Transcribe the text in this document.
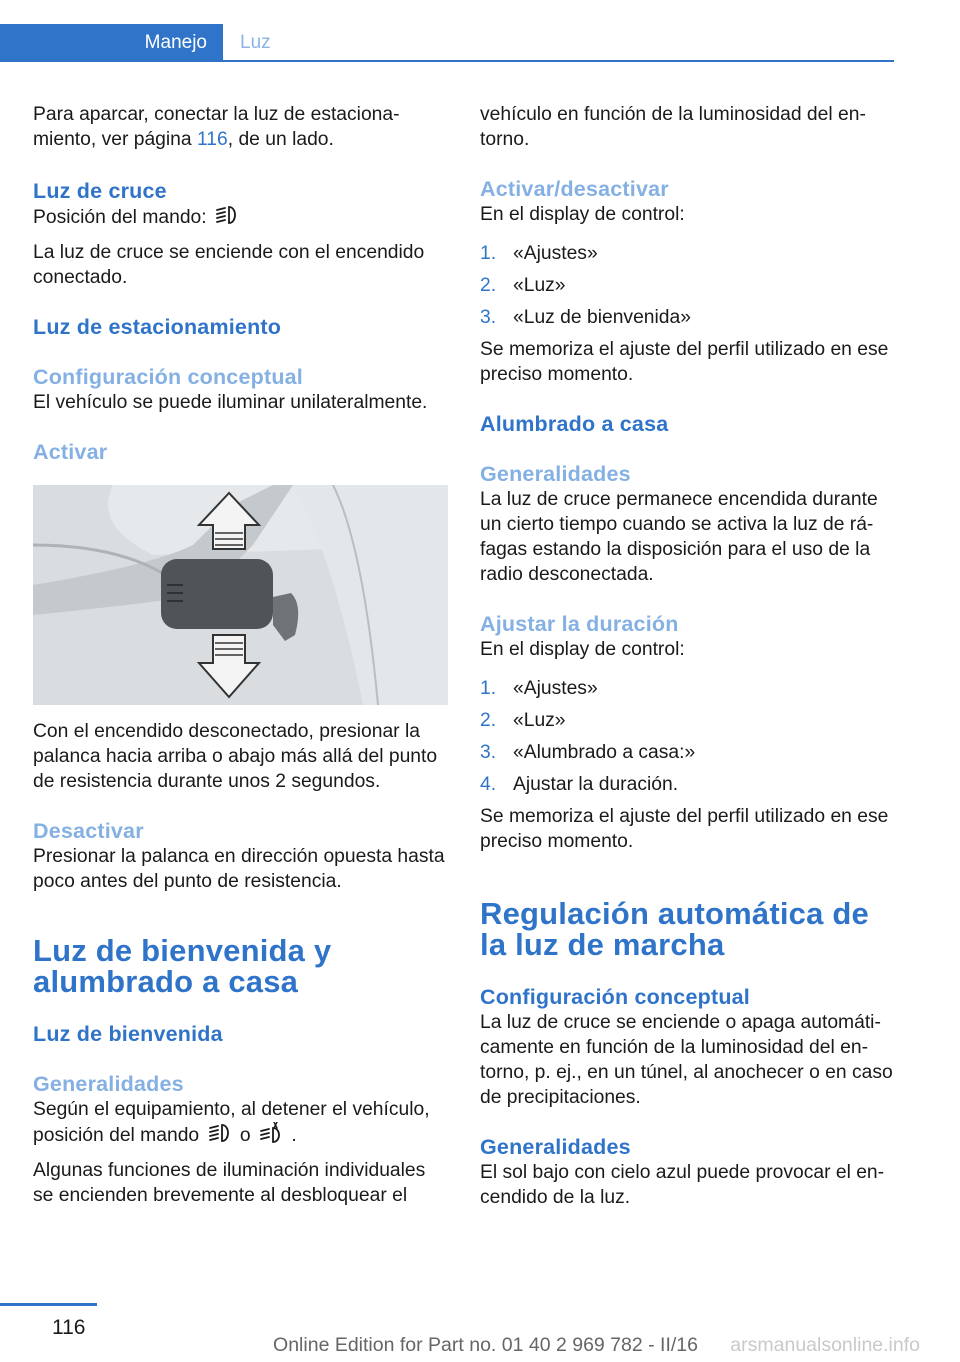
Manejo Luz

Para aparcar, conectar la luz de estaciona‐miento, ver página 116, de un lado.

Luz de cruce

Posición del mando:

La luz de cruce se enciende con el encendido conectado.

Luz de estacionamiento
Configuración conceptual

El vehículo se puede iluminar unilateralmente.

Activar

Con el encendido desconectado, presionar la palanca hacia arriba o abajo más allá del punto de resistencia durante unos 2 segundos.

Desactivar

Presionar la palanca en dirección opuesta hasta poco antes del punto de resistencia.

Luz de bienvenida y alumbrado a casa
Luz de bienvenida
Generalidades

Según el equipamiento, al detener el vehículo, posición del mando o .

Algunas funciones de iluminación individuales se encienden brevemente al desbloquear el

vehículo en función de la luminosidad del en‐torno.

Activar/desactivar

En el display de control:

1. «Ajustes»
2. «Luz»
3. «Luz de bienvenida»

Se memoriza el ajuste del perfil utilizado en ese preciso momento.

Alumbrado a casa
Generalidades

La luz de cruce permanece encendida durante un cierto tiempo cuando se activa la luz de rá‐fagas estando la disposición para el uso de la radio desconectada.

Ajustar la duración

En el display de control:

1. «Ajustes»
2. «Luz»
3. «Alumbrado a casa:»
4. Ajustar la duración.

Se memoriza el ajuste del perfil utilizado en ese preciso momento.

Regulación automática de la luz de marcha
Configuración conceptual

La luz de cruce se enciende o apaga automáti‐camente en función de la luminosidad del en‐torno, p. ej., en un túnel, al anochecer o en caso de precipitaciones.

Generalidades

El sol bajo con cielo azul puede provocar el en‐cendido de la luz.

116
Online Edition for Part no. 01 40 2 969 782 - II/16 arsmanualsonline.info
